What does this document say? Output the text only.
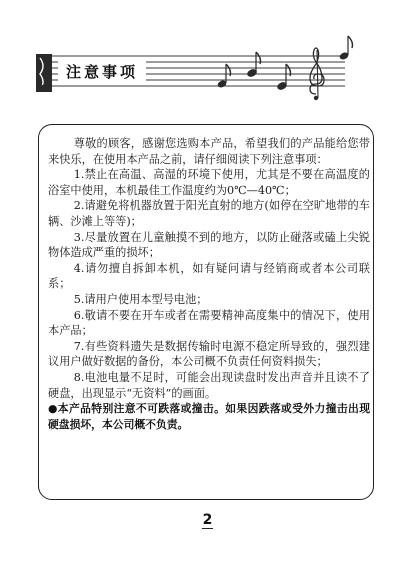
注意事项

尊敬的顾客，感谢您选购本产品，希望我们的产品能给您带来快乐，在使用本产品之前，请仔细阅读下列注意事项：

1.禁止在高温、高湿的环境下使用，尤其是不要在高温度的浴室中使用，本机最佳工作温度约为0℃—40℃；

2.请避免将机器放置于阳光直射的地方(如停在空旷地带的车辆、沙滩上等等)；

3.尽量放置在儿童触摸不到的地方，以防止碰落或磕上尖锐物体造成严重的损坏；

4.请勿擅自拆卸本机，如有疑问请与经销商或者本公司联系；

5.请用户使用本型号电池；

6.敬请不要在开车或者在需要精神高度集中的情况下，使用本产品；

7.有些资料遗失是数据传输时电源不稳定所导致的，强烈建议用户做好数据的备份，本公司概不负责任何资料损失；

8.电池电量不足时，可能会出现读盘时发出声音并且读不了硬盘，出现显示“无资料”的画面。

●本产品特别注意不可跌落或撞击。如果因跌落或受外力撞击出现硬盘损坏，本公司概不负责。

2
